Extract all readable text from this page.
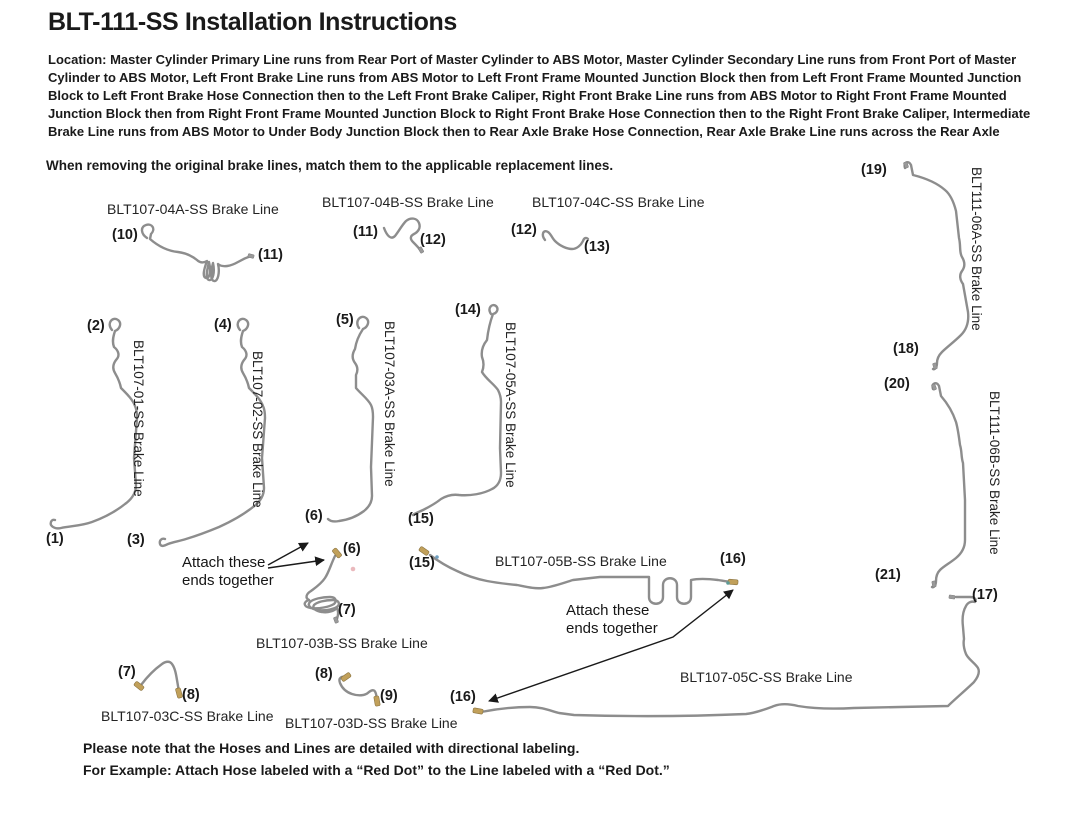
BLT-111-SS Installation Instructions
Location: Master Cylinder Primary Line runs from Rear Port of Master Cylinder to ABS Motor, Master Cylinder Secondary Line runs from Front Port of Master
Cylinder to ABS Motor, Left Front Brake Line runs from ABS Motor to Left Front Frame Mounted Junction Block then from Left Front Frame Mounted Junction
Block to Left Front Brake Hose Connection then to the Left Front Brake Caliper, Right Front Brake Line runs from ABS Motor to Right Front Frame Mounted
Junction Block then from Right Front Frame Mounted Junction Block to Right Front Brake Hose Connection then to the Right Front Brake Caliper, Intermediate
Brake Line runs from ABS Motor to Under Body Junction Block then to Rear Axle Brake Hose Connection, Rear Axle Brake Line runs across the Rear Axle
When removing the original brake lines, match them to the applicable replacement lines.
BLT107-04A-SS Brake Line	BLT107-04B-SS Brake Line	BLT107-04C-SS Brake Line
BLT107-05B-SS Brake Line
BLT107-03B-SS Brake Line
BLT107-03C-SS Brake Line BLT107-03D-SS Brake Line
BLT107-05C-SS Brake Line
BLT107-01-SS Brake Line	BLT107-02-SS Brake Line	BLT107-03A-SS Brake Line	BLT107-05A-SS Brake Line
BLT111-06A-SS Brake Line
BLT111-06B-SS Brake Line
(10)
(11)
(11)	(12)
(12)
(13)
(19)
(18)
(20)
(21)
(17)
(2)	(4)	(5)
(14)
(1)	(3)
(6)	(15)
(6)
(15)	(16)
(7)
(7)
(8)
(8)
(9)	(16)
Attach these ends together
Attach these ends together
Please note that the Hoses and Lines are detailed with directional labeling.
For Example: Attach Hose labeled with a “Red Dot” to the Line labeled with a “Red Dot.”
